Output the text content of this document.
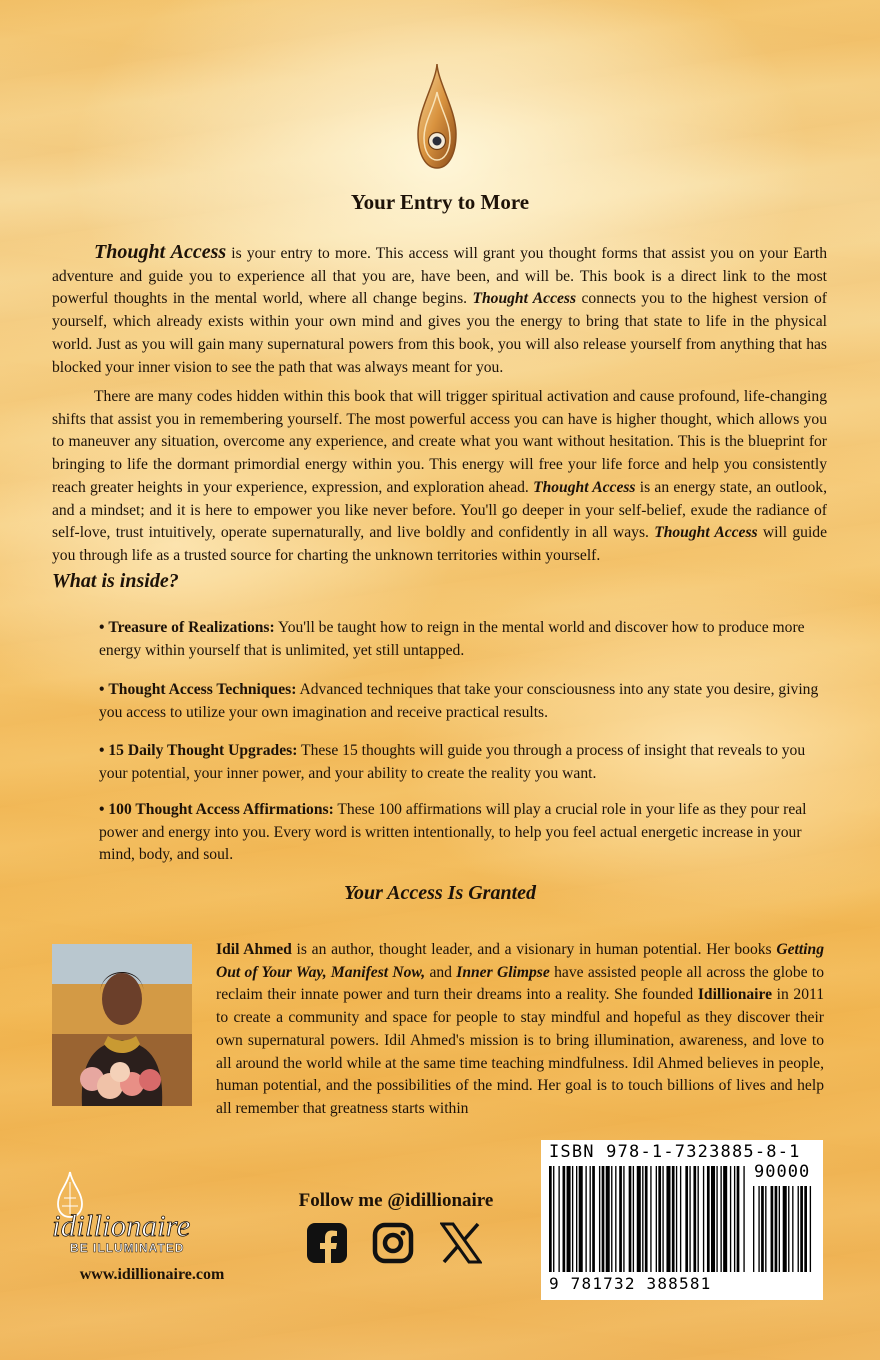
Your Entry to More

Thought Access is your entry to more. This access will grant you thought forms that assist you on your Earth adventure and guide you to experience all that you are, have been, and will be. This book is a direct link to the most powerful thoughts in the mental world, where all change begins. Thought Access connects you to the highest version of yourself, which already exists within your own mind and gives you the energy to bring that state to life in the physical world. Just as you will gain many supernatural powers from this book, you will also release yourself from anything that has blocked your inner vision to see the path that was always meant for you.

There are many codes hidden within this book that will trigger spiritual activation and cause profound, life-changing shifts that assist you in remembering yourself. The most powerful access you can have is higher thought, which allows you to maneuver any situation, overcome any experience, and create what you want without hesitation. This is the blueprint for bringing to life the dormant primordial energy within you. This energy will free your life force and help you consistently reach greater heights in your experience, expression, and exploration ahead. Thought Access is an energy state, an outlook, and a mindset; and it is here to empower you like never before. You'll go deeper in your self-belief, exude the radiance of self-love, trust intuitively, operate supernaturally, and live boldly and confidently in all ways. Thought Access will guide you through life as a trusted source for charting the unknown territories within yourself.

What is inside?

• Treasure of Realizations: You'll be taught how to reign in the mental world and discover how to produce more energy within yourself that is unlimited, yet still untapped.

• Thought Access Techniques: Advanced techniques that take your consciousness into any state you desire, giving you access to utilize your own imagination and receive practical results.

• 15 Daily Thought Upgrades: These 15 thoughts will guide you through a process of insight that reveals to you your potential, your inner power, and your ability to create the reality you want.

• 100 Thought Access Affirmations: These 100 affirmations will play a crucial role in your life as they pour real power and energy into you. Every word is written intentionally, to help you feel actual energetic increase in your mind, body, and soul.

Your Access Is Granted

Idil Ahmed is an author, thought leader, and a visionary in human potential. Her books Getting Out of Your Way, Manifest Now, and Inner Glimpse have assisted people all across the globe to reclaim their innate power and turn their dreams into a reality. She founded Idillionaire in 2011 to create a community and space for people to stay mindful and hopeful as they discover their own supernatural powers. Idil Ahmed's mission is to bring illumination, awareness, and love to all around the world while at the same time teaching mindfulness. Idil Ahmed believes in people, human potential, and the possibilities of the mind. Her goal is to touch billions of lives and help all remember that greatness starts within

idillionaire
BE ILLUMINATED
www.idillionaire.com
Follow me @idillionaire
ISBN 978-1-7323885-8-1
90000
9 781732 388581
